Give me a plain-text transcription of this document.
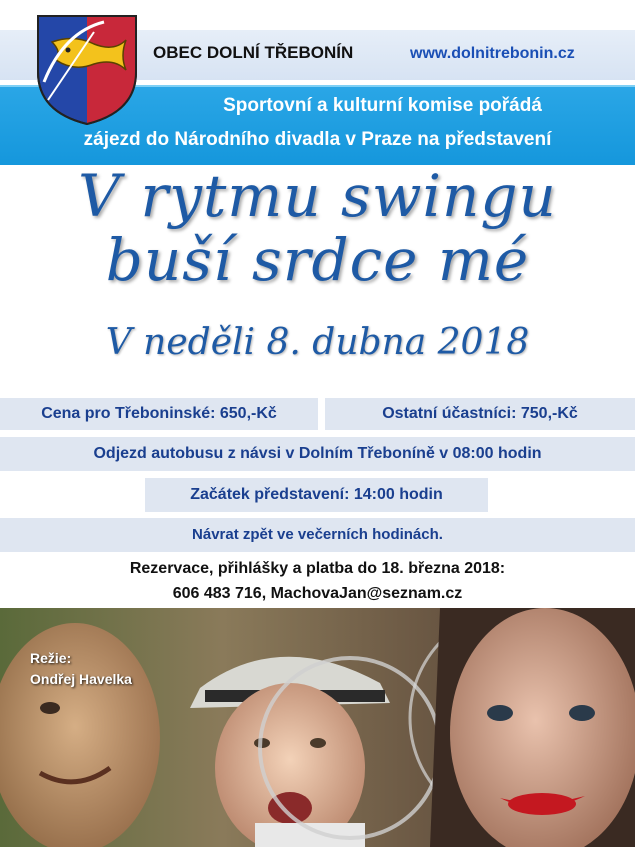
OBEC DOLNÍ TŘEBONÍN	www.dolnitrebonin.cz
Sportovní a kulturní komise pořádá
zájezd do Národního divadla v Praze na představení
V rytmu swingu
buší srdce mé
V neděli 8. dubna 2018
Cena pro Třeboninské: 650,-Kč	Ostatní účastníci: 750,-Kč
Odjezd autobusu z návsi v Dolním Třeboníně v 08:00 hodin
Začátek představení: 14:00 hodin
Návrat zpět ve večerních hodinách.
Rezervace, přihlášky a platba do 18. března 2018:
606 483 716, MachovaJan@seznam.cz
Režie:
Ondřej Havelka
